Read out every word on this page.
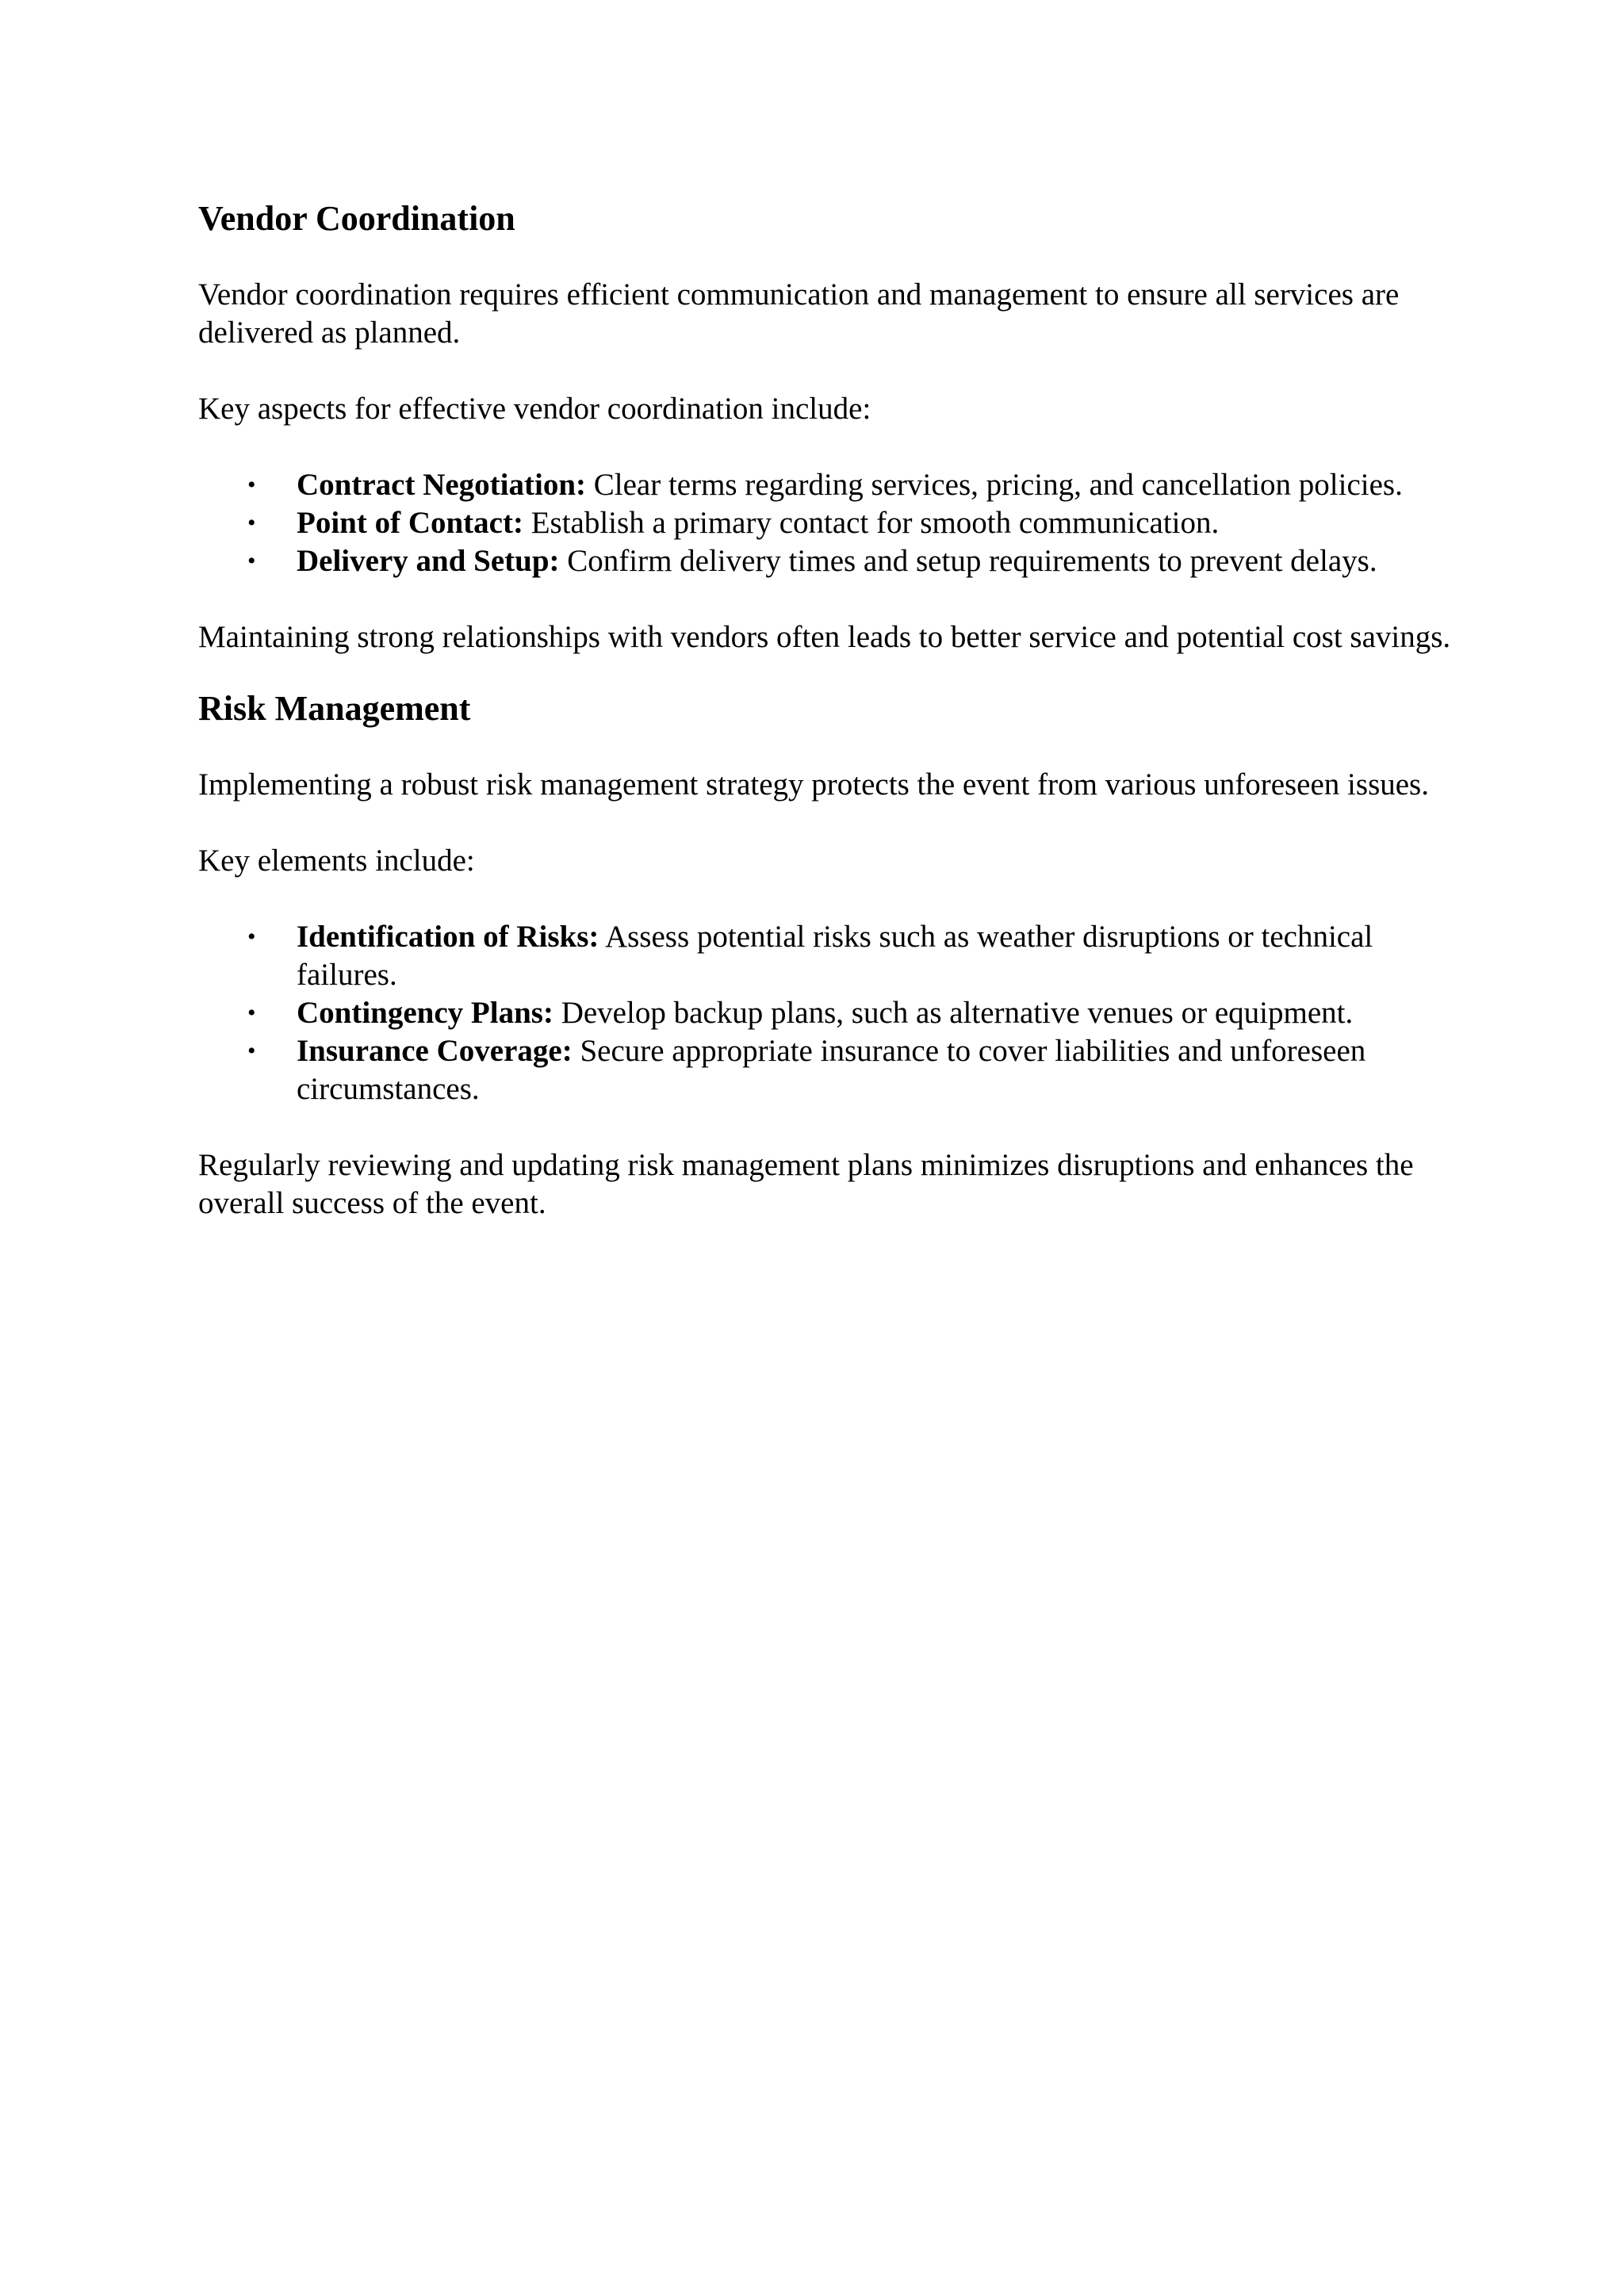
Vendor Coordination

Vendor coordination requires efficient communication and management to ensure all services are delivered as planned.

Key aspects for effective vendor coordination include:

• Contract Negotiation: Clear terms regarding services, pricing, and cancellation policies.
• Point of Contact: Establish a primary contact for smooth communication.
• Delivery and Setup: Confirm delivery times and setup requirements to prevent delays.

Maintaining strong relationships with vendors often leads to better service and potential cost savings.

Risk Management

Implementing a robust risk management strategy protects the event from various unforeseen issues.

Key elements include:

• Identification of Risks: Assess potential risks such as weather disruptions or technical failures.
• Contingency Plans: Develop backup plans, such as alternative venues or equipment.
• Insurance Coverage: Secure appropriate insurance to cover liabilities and unforeseen circumstances.

Regularly reviewing and updating risk management plans minimizes disruptions and enhances the overall success of the event.
